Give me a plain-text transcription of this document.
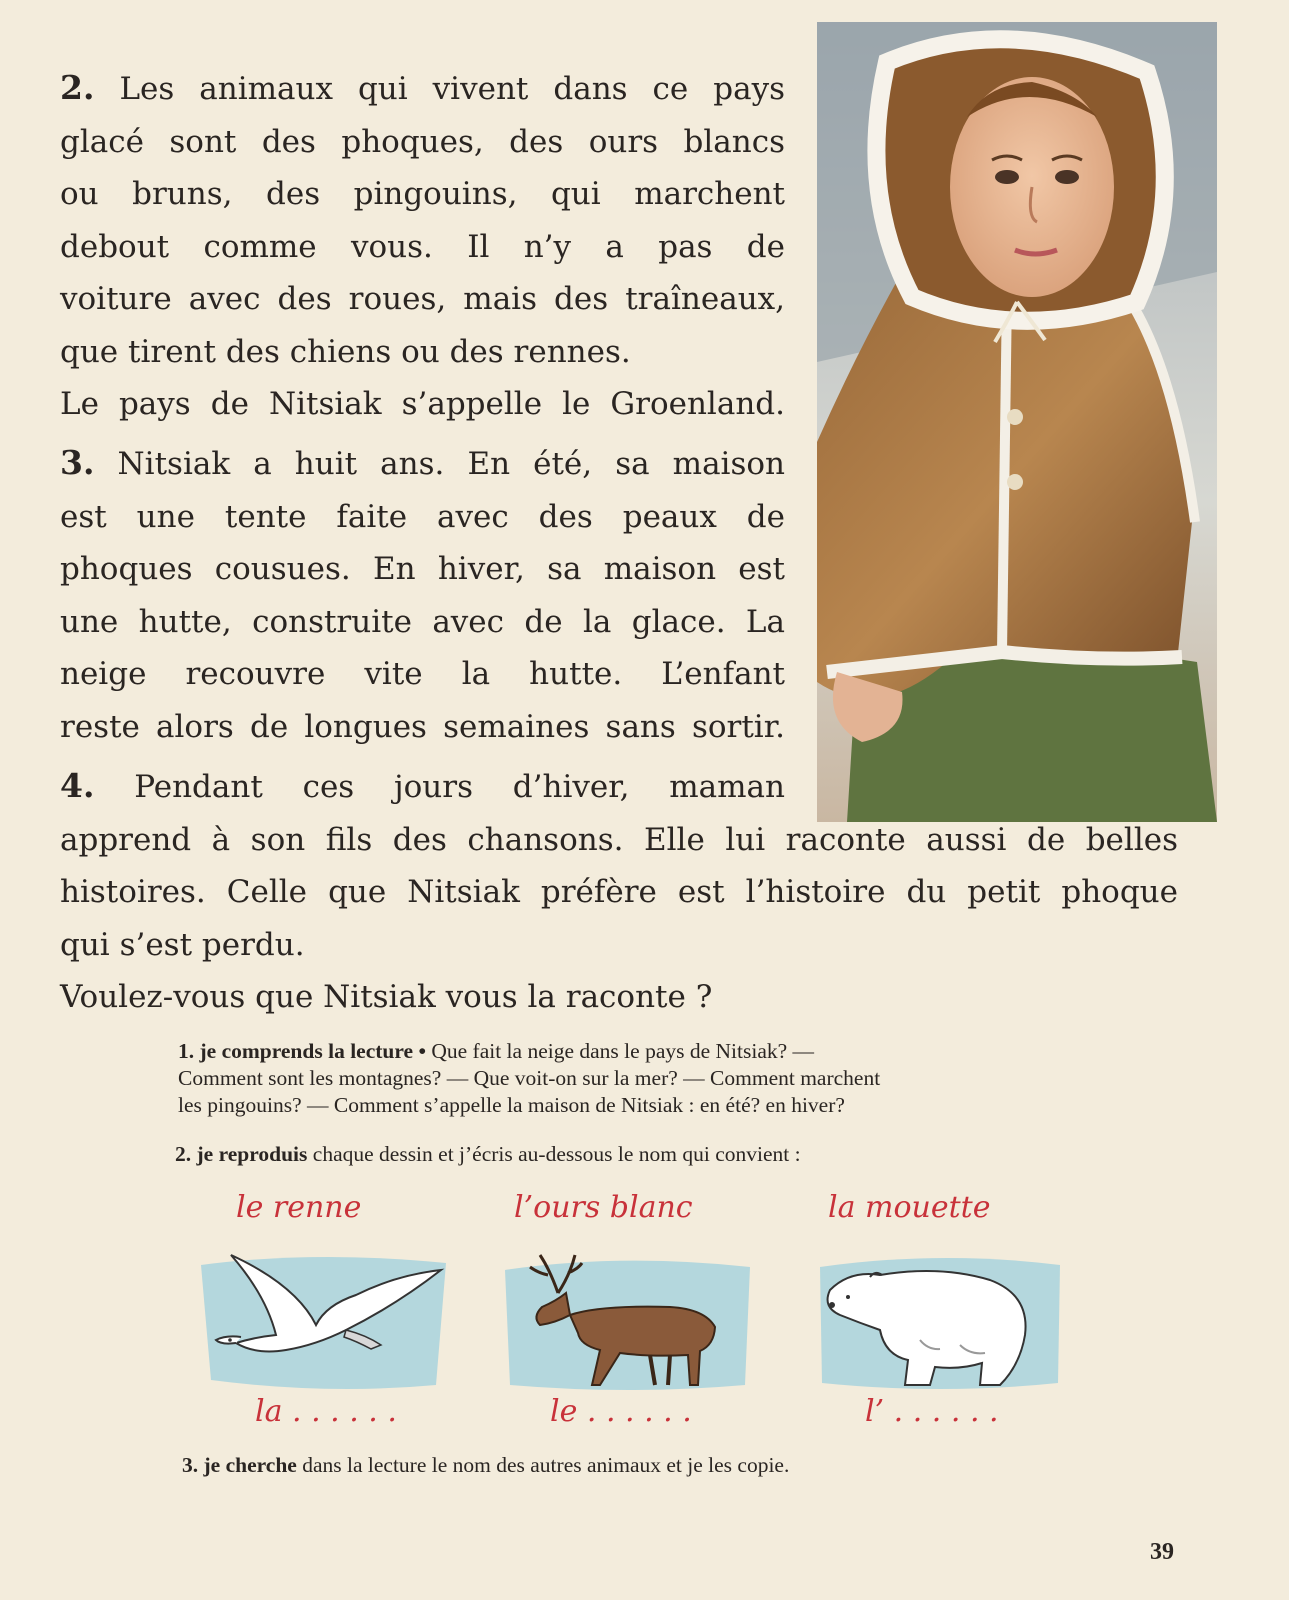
2. Les animaux qui vivent dans ce pays
glacé sont des phoques, des ours blancs
ou bruns, des pingouins, qui marchent
debout comme vous. Il n’y a pas de
voiture avec des roues, mais des traîneaux,
que tirent des chiens ou des rennes.
Le pays de Nitsiak s’appelle le Groenland.

3. Nitsiak a huit ans. En été, sa maison
est une tente faite avec des peaux de
phoques cousues. En hiver, sa maison est
une hutte, construite avec de la glace. La
neige recouvre vite la hutte. L’enfant
reste alors de longues semaines sans sortir.

4. Pendant ces jours d’hiver, maman
apprend à son fils des chansons. Elle lui raconte aussi de belles
histoires. Celle que Nitsiak préfère est l’histoire du petit phoque
qui s’est perdu.
Voulez-vous que Nitsiak vous la raconte ?
1. je comprends la lecture • Que fait la neige dans le pays de Nitsiak? —
Comment sont les montagnes? — Que voit-on sur la mer? — Comment marchent
les pingouins? — Comment s’appelle la maison de Nitsiak : en été? en hiver?
2. je reproduis chaque dessin et j’écris au-dessous le nom qui convient :
le renne	l’ours blanc	la mouette
la . . . . . .	le . . . . . .	l’ . . . . . .
3. je cherche dans la lecture le nom des autres animaux et je les copie.
39
